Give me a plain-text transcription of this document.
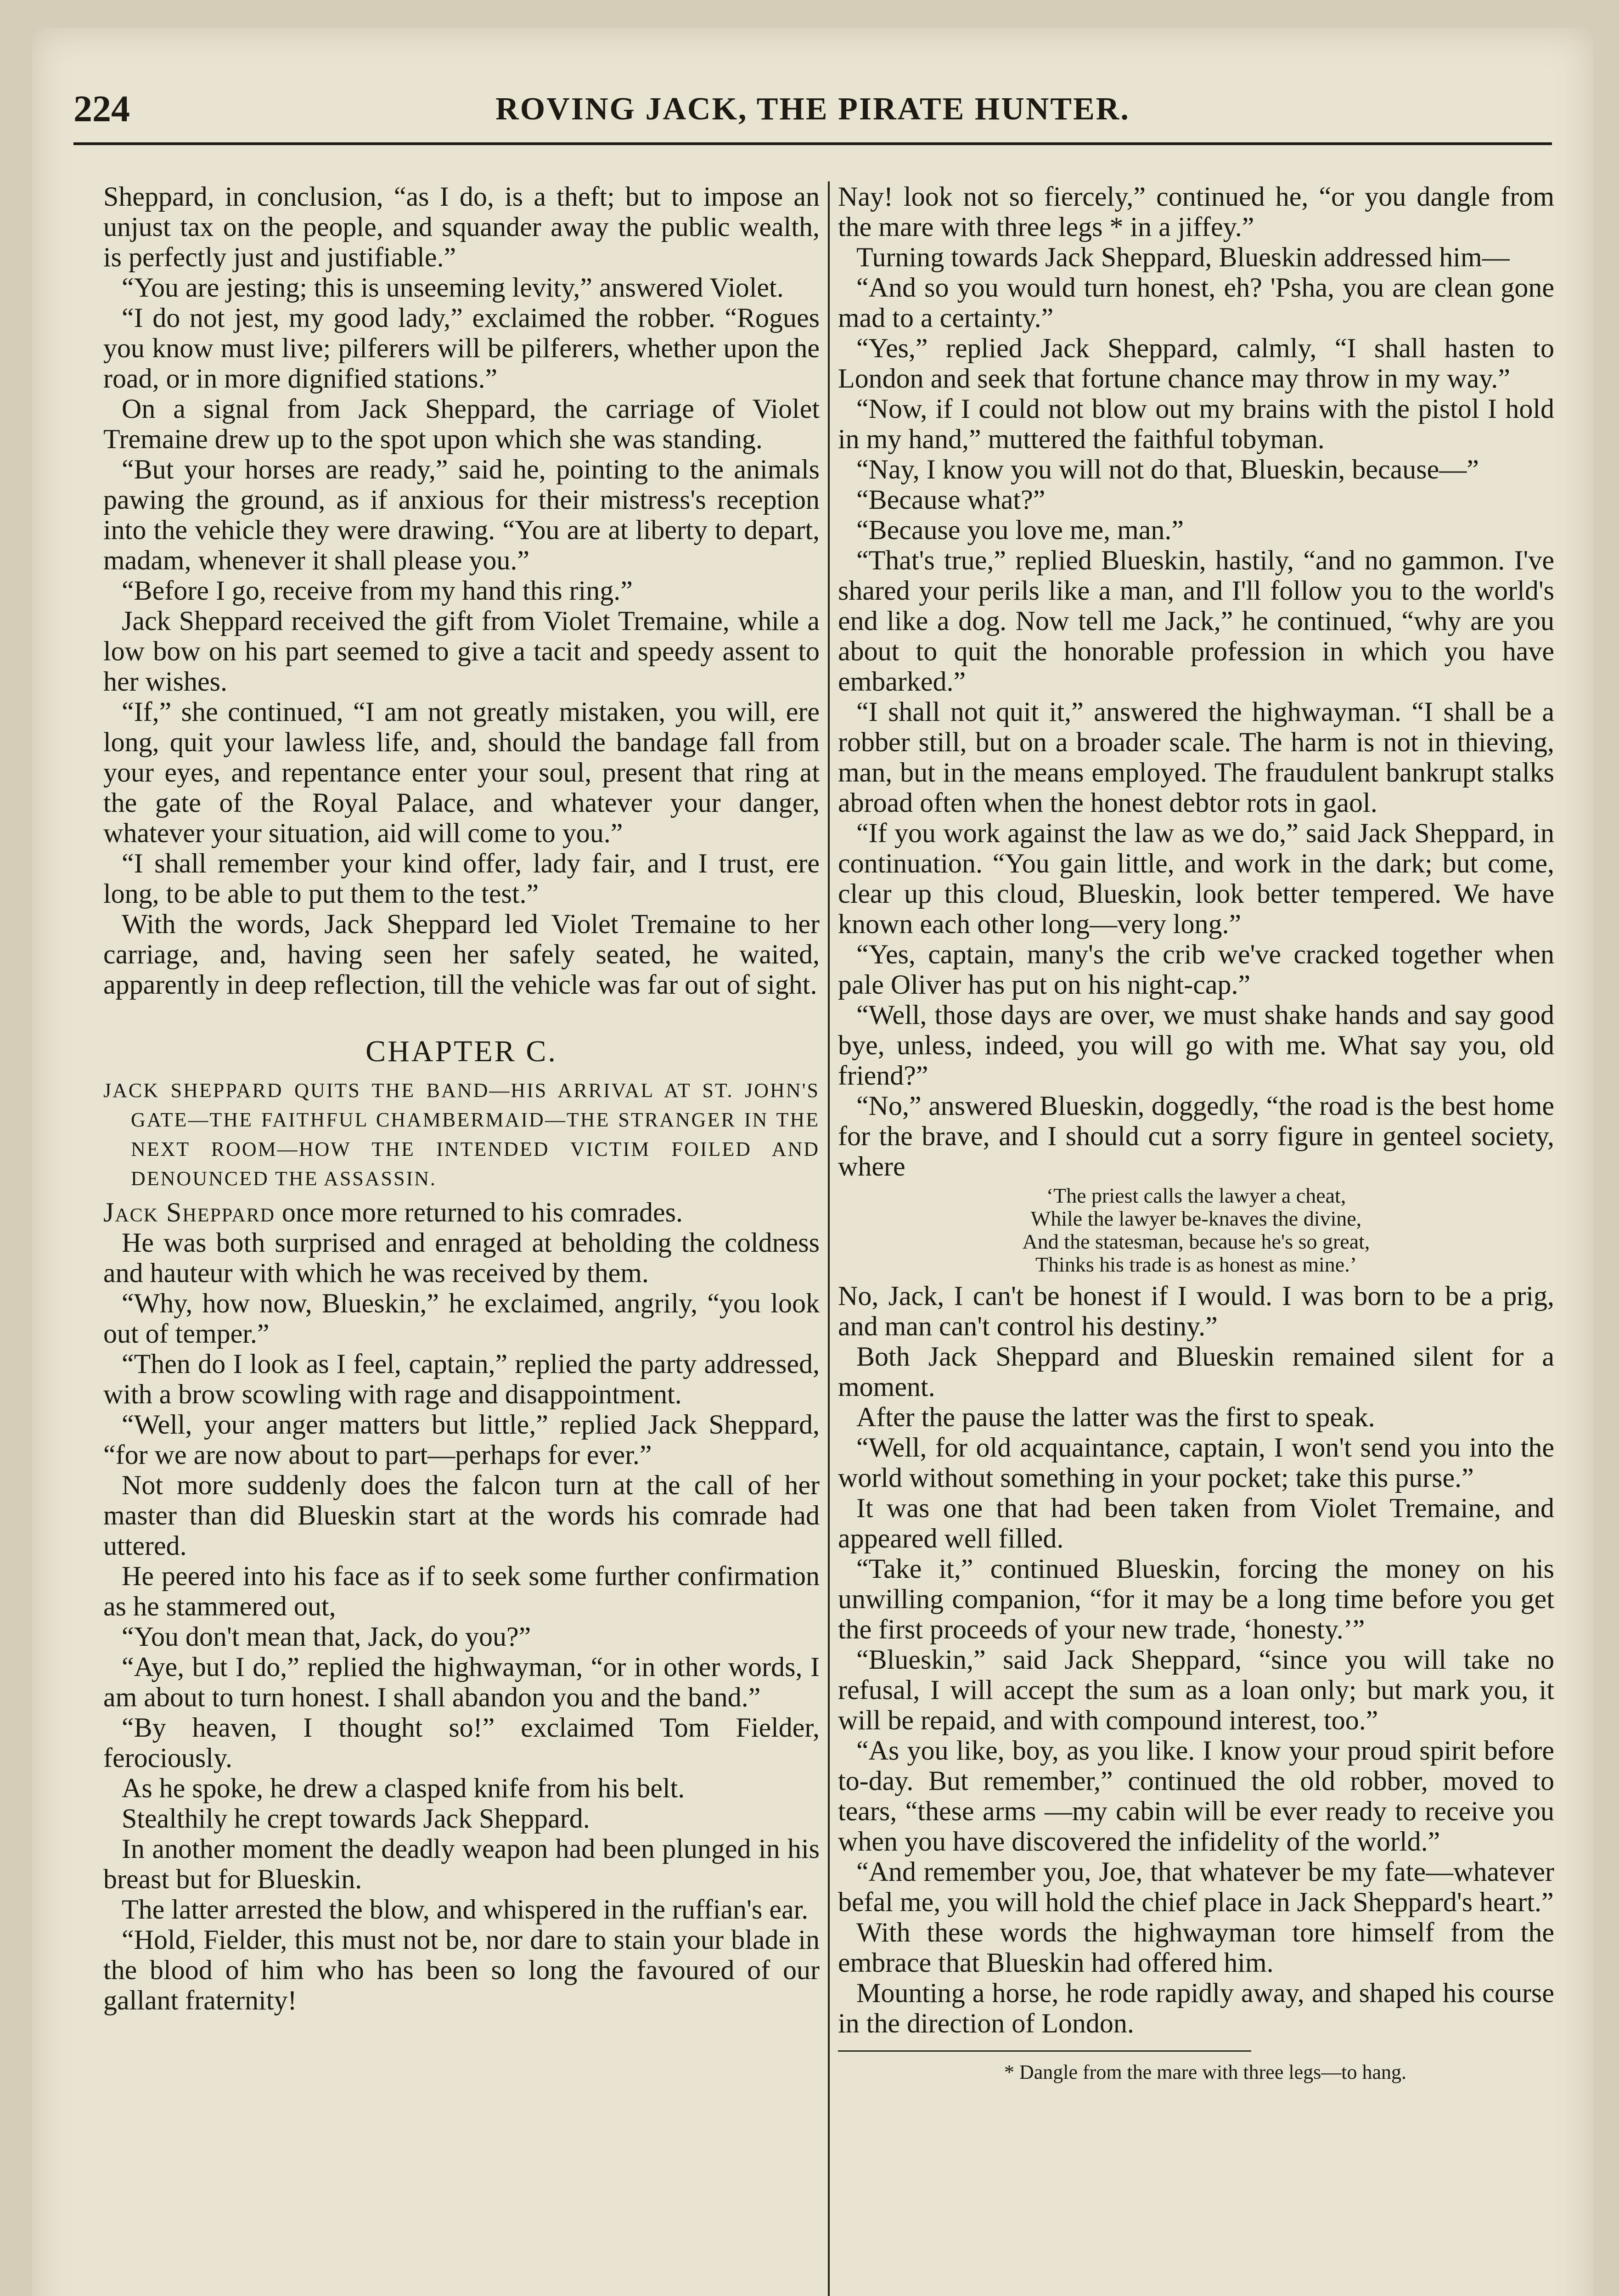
224	ROVING JACK, THE PIRATE HUNTER.

Sheppard, in conclusion, “as I do, is a theft; but to impose an unjust tax on the people, and squander away the public wealth, is perfectly just and justifiable.”

“You are jesting; this is unseeming levity,” answered Violet.

“I do not jest, my good lady,” exclaimed the robber. “Rogues you know must live; pilferers will be pilferers, whether upon the road, or in more dignified stations.”

On a signal from Jack Sheppard, the carriage of Violet Tremaine drew up to the spot upon which she was standing.

“But your horses are ready,” said he, pointing to the animals pawing the ground, as if anxious for their mistress's reception into the vehicle they were drawing. “You are at liberty to depart, madam, whenever it shall please you.”

“Before I go, receive from my hand this ring.”

Jack Sheppard received the gift from Violet Tremaine, while a low bow on his part seemed to give a tacit and speedy assent to her wishes.

“If,” she continued, “I am not greatly mistaken, you will, ere long, quit your lawless life, and, should the bandage fall from your eyes, and repentance enter your soul, present that ring at the gate of the Royal Palace, and whatever your danger, whatever your situation, aid will come to you.”

“I shall remember your kind offer, lady fair, and I trust, ere long, to be able to put them to the test.”

With the words, Jack Sheppard led Violet Tremaine to her carriage, and, having seen her safely seated, he waited, apparently in deep reflection, till the vehicle was far out of sight.

CHAPTER C.
JACK SHEPPARD QUITS THE BAND—HIS ARRIVAL AT ST. JOHN'S GATE—THE FAITHFUL CHAMBERMAID—THE STRANGER IN THE NEXT ROOM—HOW THE INTENDED VICTIM FOILED AND DENOUNCED THE ASSASSIN.

Jack Sheppard once more returned to his comrades.

He was both surprised and enraged at beholding the coldness and hauteur with which he was received by them.

“Why, how now, Blueskin,” he exclaimed, angrily, “you look out of temper.”

“Then do I look as I feel, captain,” replied the party addressed, with a brow scowling with rage and disappointment.

“Well, your anger matters but little,” replied Jack Sheppard, “for we are now about to part—perhaps for ever.”

Not more suddenly does the falcon turn at the call of her master than did Blueskin start at the words his comrade had uttered.

He peered into his face as if to seek some further confirmation as he stammered out,

“You don't mean that, Jack, do you?”

“Aye, but I do,” replied the highwayman, “or in other words, I am about to turn honest. I shall abandon you and the band.”

“By heaven, I thought so!” exclaimed Tom Fielder, ferociously.

As he spoke, he drew a clasped knife from his belt.

Stealthily he crept towards Jack Sheppard.

In another moment the deadly weapon had been plunged in his breast but for Blueskin.

The latter arrested the blow, and whispered in the ruffian's ear.

“Hold, Fielder, this must not be, nor dare to stain your blade in the blood of him who has been so long the favoured of our gallant fraternity!

Nay! look not so fiercely,” continued he, “or you dangle from the mare with three legs * in a jiffey.”

Turning towards Jack Sheppard, Blueskin addressed him—

“And so you would turn honest, eh? 'Psha, you are clean gone mad to a certainty.”

“Yes,” replied Jack Sheppard, calmly, “I shall hasten to London and seek that fortune chance may throw in my way.”

“Now, if I could not blow out my brains with the pistol I hold in my hand,” muttered the faithful tobyman.

“Nay, I know you will not do that, Blueskin, because—”

“Because what?”

“Because you love me, man.”

“That's true,” replied Blueskin, hastily, “and no gammon. I've shared your perils like a man, and I'll follow you to the world's end like a dog. Now tell me Jack,” he continued, “why are you about to quit the honorable profession in which you have embarked.”

“I shall not quit it,” answered the highwayman. “I shall be a robber still, but on a broader scale. The harm is not in thieving, man, but in the means employed. The fraudulent bankrupt stalks abroad often when the honest debtor rots in gaol.

“If you work against the law as we do,” said Jack Sheppard, in continuation. “You gain little, and work in the dark; but come, clear up this cloud, Blueskin, look better tempered. We have known each other long—very long.”

“Yes, captain, many's the crib we've cracked together when pale Oliver has put on his night-cap.”

“Well, those days are over, we must shake hands and say good bye, unless, indeed, you will go with me. What say you, old friend?”

“No,” answered Blueskin, doggedly, “the road is the best home for the brave, and I should cut a sorry figure in genteel society, where

‘The priest calls the lawyer a cheat,
While the lawyer be-knaves the divine,
And the statesman, because he's so great,
Thinks his trade is as honest as mine.’

No, Jack, I can't be honest if I would. I was born to be a prig, and man can't control his destiny.”

Both Jack Sheppard and Blueskin remained silent for a moment.

After the pause the latter was the first to speak.

“Well, for old acquaintance, captain, I won't send you into the world without something in your pocket; take this purse.”

It was one that had been taken from Violet Tremaine, and appeared well filled.

“Take it,” continued Blueskin, forcing the money on his unwilling companion, “for it may be a long time before you get the first proceeds of your new trade, ‘honesty.’”

“Blueskin,” said Jack Sheppard, “since you will take no refusal, I will accept the sum as a loan only; but mark you, it will be repaid, and with compound interest, too.”

“As you like, boy, as you like. I know your proud spirit before to-day. But remember,” continued the old robber, moved to tears, “these arms —my cabin will be ever ready to receive you when you have discovered the infidelity of the world.”

“And remember you, Joe, that whatever be my fate—whatever befal me, you will hold the chief place in Jack Sheppard's heart.”

With these words the highwayman tore himself from the embrace that Blueskin had offered him.

Mounting a horse, he rode rapidly away, and shaped his course in the direction of London.

* Dangle from the mare with three legs—to hang.
